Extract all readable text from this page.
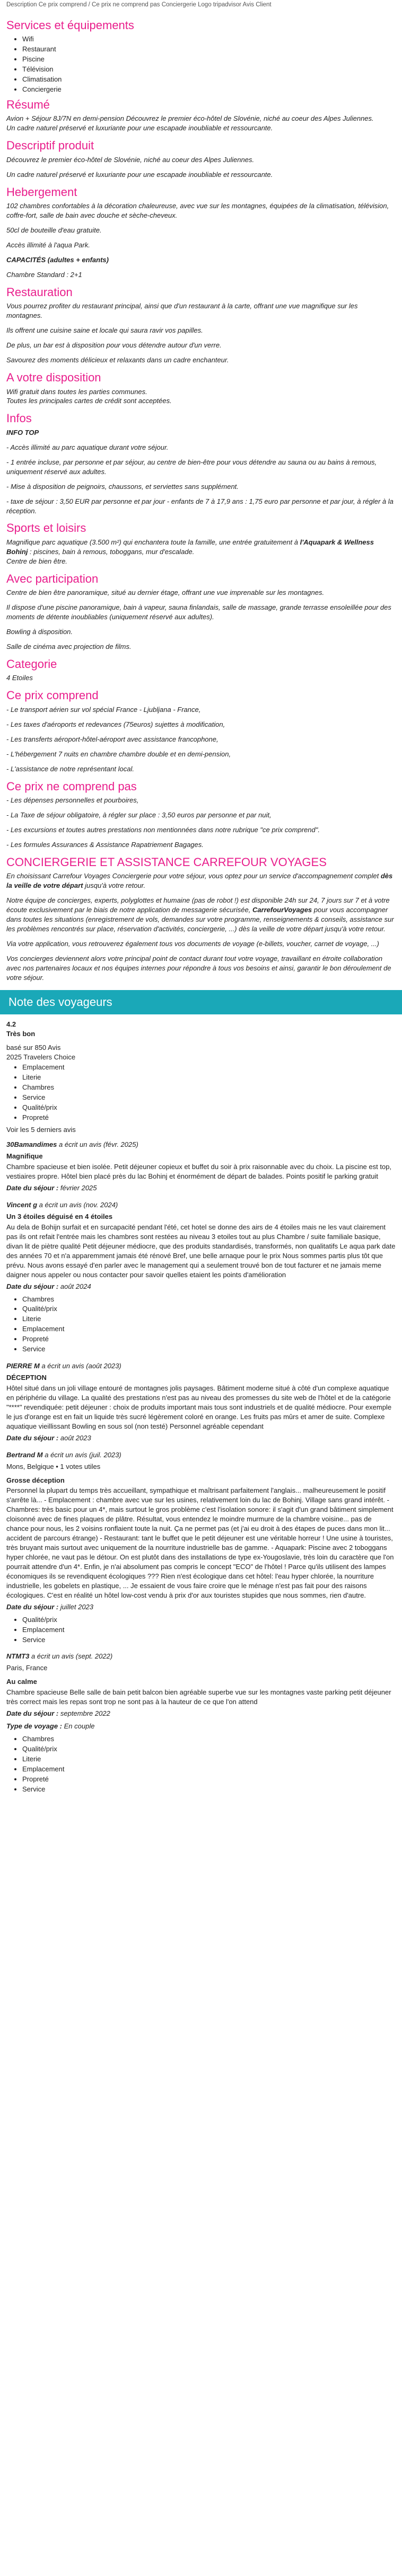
Description Ce prix comprend / Ce prix ne comprend pas Conciergerie Logo tripadvisor Avis Client
Services et équipements
• Wifi
• Restaurant
• Piscine
• Télévision
• Climatisation
• Conciergerie
Résumé

Avion + Séjour 8J/7N en demi-pension Découvrez le premier éco-hôtel de Slovénie, niché au coeur des Alpes Juliennes.

Un cadre naturel préservé et luxuriante pour une escapade inoubliable et ressourcante.

Descriptif produit

Découvrez le premier éco-hôtel de Slovénie, niché au coeur des Alpes Juliennes.

Un cadre naturel préservé et luxuriante pour une escapade inoubliable et ressourcante.

Hebergement

102 chambres confortables à la décoration chaleureuse, avec vue sur les montagnes, équipées de la climatisation, télévision, coffre-fort, salle de bain avec douche et sèche-cheveux.

50cl de bouteille d'eau gratuite.

Accès illimité à l'aqua Park.

CAPACITÉS (adultes + enfants)

Chambre Standard : 2+1

Restauration

Vous pourrez profiter du restaurant principal, ainsi que d'un restaurant à la carte, offrant une vue magnifique sur les montagnes.

Ils offrent une cuisine saine et locale qui saura ravir vos papilles.

De plus, un bar est à disposition pour vous détendre autour d'un verre.

Savourez des moments délicieux et relaxants dans un cadre enchanteur.

A votre disposition

Wifi gratuit dans toutes les parties communes.

Toutes les principales cartes de crédit sont acceptées.

Infos

INFO TOP

- Accès illimité au parc aquatique durant votre séjour.

- 1 entrée incluse, par personne et par séjour, au centre de bien-être pour vous détendre au sauna ou au bains à remous, uniquement réservé aux adultes.

- Mise à disposition de peignoirs, chaussons, et serviettes sans supplément.

- taxe de séjour : 3,50 EUR par personne et par jour - enfants de 7 à 17,9 ans : 1,75 euro par personne et par jour, à régler à la réception.

Sports et loisirs

Magnifique parc aquatique (3.500 m²) qui enchantera toute la famille, une entrée gratuitement à l'Aquapark & Wellness Bohinj : piscines, bain à remous, toboggans, mur d'escalade.

Centre de bien être.

Avec participation

Centre de bien être panoramique, situé au dernier étage, offrant une vue imprenable sur les montagnes.

Il dispose d'une piscine panoramique, bain à vapeur, sauna finlandais, salle de massage, grande terrasse ensoleillée pour des moments de détente inoubliables (uniquement réservé aux adultes).

Bowling à disposition.

Salle de cinéma avec projection de films.

Categorie

4 Etoiles

Ce prix comprend

- Le transport aérien sur vol spécial France - Ljubljana - France,

- Les taxes d'aéroports et redevances (75euros) sujettes à modification,

- Les transferts aéroport-hôtel-aéroport avec assistance francophone,

- L'hébergement 7 nuits en chambre chambre double et en demi-pension,

- L'assistance de notre représentant local.

Ce prix ne comprend pas

- Les dépenses personnelles et pourboires,

- La Taxe de séjour obligatoire, à régler sur place : 3,50 euros par personne et par nuit,

- Les excursions et toutes autres prestations non mentionnées dans notre rubrique "ce prix comprend".

- Les formules Assurances & Assistance Rapatriement Bagages.

CONCIERGERIE ET ASSISTANCE CARREFOUR VOYAGES

En choisissant Carrefour Voyages Conciergerie pour votre séjour, vous optez pour un service d'accompagnement complet dès la veille de votre départ jusqu'à votre retour.

Notre équipe de concierges, experts, polyglottes et humaine (pas de robot !) est disponible 24h sur 24, 7 jours sur 7 et à votre écoute exclusivement par le biais de notre application de messagerie sécurisée, CarrefourVoyages pour vous accompagner dans toutes les situations (enregistrement de vols, demandes sur votre programme, renseignements & conseils, assistance sur les problèmes rencontrés sur place, réservation d'activités, conciergerie, ...) dès la veille de votre départ jusqu'à votre retour.

Via votre application, vous retrouverez également tous vos documents de voyage (e-billets, voucher, carnet de voyage, ...)

Vos concierges deviennent alors votre principal point de contact durant tout votre voyage, travaillant en étroite collaboration avec nos partenaires locaux et nos équipes internes pour répondre à tous vos besoins et ainsi, garantir le bon déroulement de votre séjour.

Note des voyageurs

4.2

Très bon

basé sur 850 Avis

2025 Travelers Choice

• Emplacement
• Literie
• Chambres
• Service
• Qualité/prix
• Propreté

Voir les 5 derniers avis

30Bamandimes a écrit un avis (févr. 2025)

Magnifique

Chambre spacieuse et bien isolée. Petit déjeuner copieux et buffet du soir à prix raisonnable avec du choix. La piscine est top, vestiaires propre. Hôtel bien placé près du lac Bohinj et énormément de départ de balades. Points positif le parking gratuit

Date du séjour : février 2025

Vincent g a écrit un avis (nov. 2024)

Un 3 étoiles déguisé en 4 étoiles

Au dela de Bohijn surfait et en surcapacité pendant l'été, cet hotel se donne des airs de 4 étoiles mais ne les vaut clairement pas ils ont refait l'entrée mais les chambres sont restées au niveau 3 etoiles tout au plus Chambre / suite familiale basique, divan lit de piètre qualité Petit déjeuner médiocre, que des produits standardisés, transformés, non qualitatifs Le aqua park date des années 70 et n'a apparemment jamais été rénové Bref, une belle arnaque pour le prix Nous sommes partis plus tôt que prévu. Nous avons essayé d'en parler avec le management qui a seulement trouvé bon de tout facturer et ne jamais meme daigner nous appeler ou nous contacter pour savoir quelles etaient les points d'amélioration

Date du séjour : août 2024

• Chambres
• Qualité/prix
• Literie
• Emplacement
• Propreté
• Service

PIERRE M a écrit un avis (août 2023)

DÉCEPTION

Hôtel situé dans un joli village entouré de montagnes jolis paysages. Bâtiment moderne situé à côté d'un complexe aquatique en périphérie du village. La qualité des prestations n'est pas au niveau des promesses du site web de l'hôtel et de la catégorie "****" revendiquée: petit déjeuner : choix de produits important mais tous sont industriels et de qualité médiocre. Pour exemple le jus d'orange est en fait un liquide très sucré légèrement coloré en orange. Les fruits pas mûrs et amer de suite. Complexe aquatique vieillissant Bowling en sous sol (non testé) Personnel agréable cependant

Date du séjour : août 2023

Bertrand M a écrit un avis (juil. 2023)

Mons, Belgique • 1 votes utiles

Grosse déception

Personnel la plupart du temps très accueillant, sympathique et maîtrisant parfaitement l'anglais... malheureusement le positif s'arrête là... - Emplacement : chambre avec vue sur les usines, relativement loin du lac de Bohinj. Village sans grand intérêt. - Chambres: très basic pour un 4*, mais surtout le gros problème c'est l'isolation sonore: il s'agit d'un grand bâtiment simplement cloisonné avec de fines plaques de plâtre. Résultat, vous entendez le moindre murmure de la chambre voisine... pas de chance pour nous, les 2 voisins ronflaient toute la nuit. Ça ne permet pas (et j'ai eu droit à des étapes de puces dans mon lit... accident de parcours étrange) - Restaurant: tant le buffet que le petit déjeuner est une véritable horreur ! Une usine à touristes, très bruyant mais surtout avec uniquement de la nourriture industrielle bas de gamme. - Aquapark: Piscine avec 2 toboggans hyper chlorée, ne vaut pas le détour. On est plutôt dans des installations de type ex-Yougoslavie, très loin du caractère que l'on pourrait attendre d'un 4*. Enfin, je n'ai absolument pas compris le concept "ECO" de l'hôtel ! Parce qu'ils utilisent des lampes économiques ils se revendiquent écologiques ??? Rien n'est écologique dans cet hôtel: l'eau hyper chlorée, la nourriture industrielle, les gobelets en plastique, ... Je essaient de vous faire croire que le ménage n'est pas fait pour des raisons écologiques. C'est en réalité un hôtel low-cost vendu à prix d'or aux touristes stupides que nous sommes, rien d'autre.

Date du séjour : juillet 2023

• Qualité/prix
• Emplacement
• Service

NTMT3 a écrit un avis (sept. 2022)

Paris, France

Au calme

Chambre spacieuse Belle salle de bain petit balcon bien agréable superbe vue sur les montagnes vaste parking petit déjeuner très correct mais les repas sont trop ne sont pas à la hauteur de ce que l'on attend

Date du séjour : septembre 2022

Type de voyage : En couple

• Chambres
• Qualité/prix
• Literie
• Emplacement
• Propreté
• Service
